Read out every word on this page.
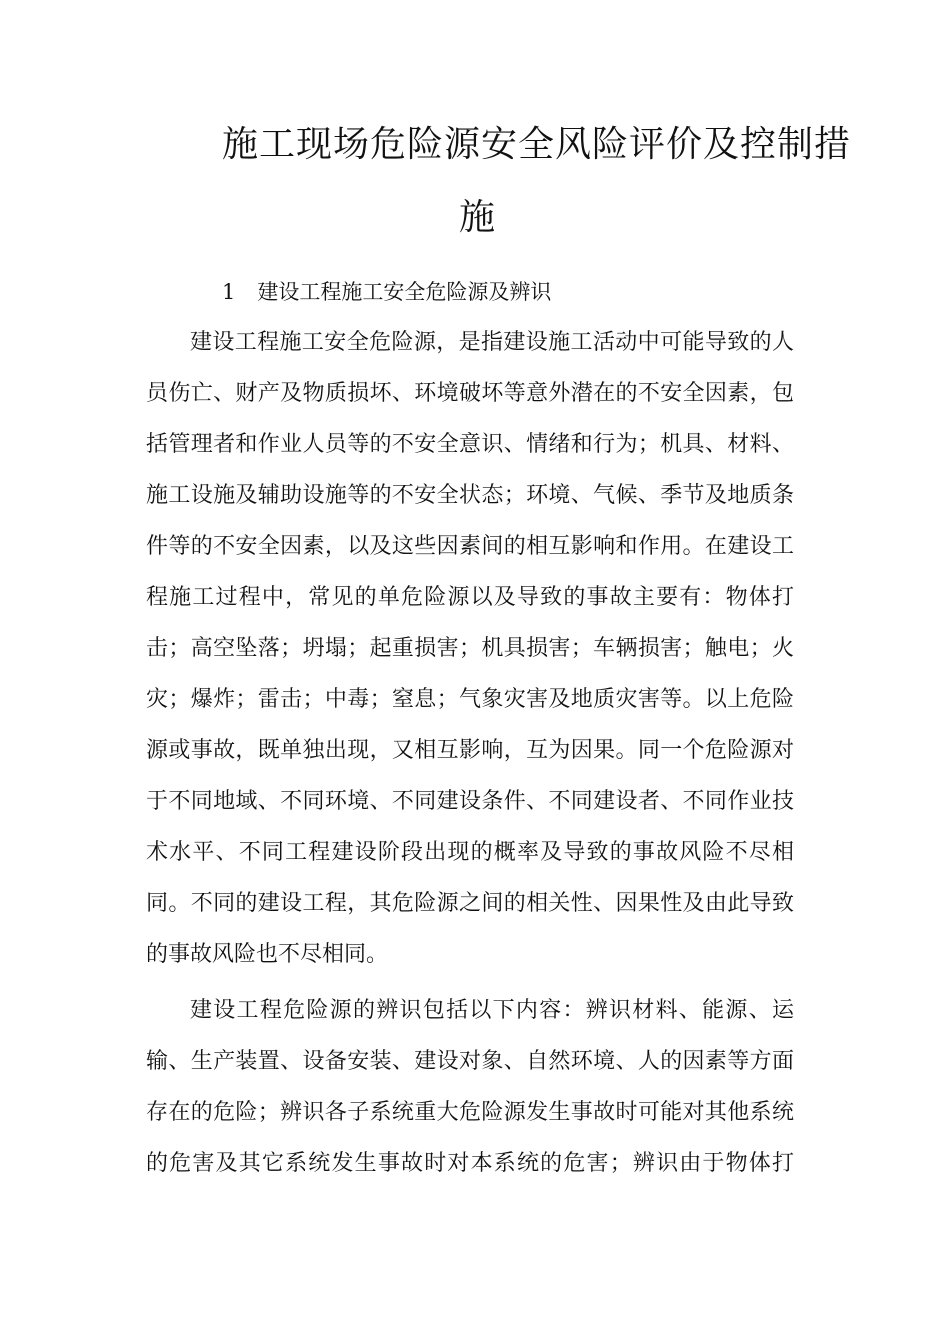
施工现场危险源安全风险评价及控制措
施
1 建设工程施工安全危险源及辨识
建设工程施工安全危险源，是指建设施工活动中可能导致的人
员伤亡、财产及物质损坏、环境破坏等意外潜在的不安全因素，包
括管理者和作业人员等的不安全意识、情绪和行为；机具、材料、
施工设施及辅助设施等的不安全状态；环境、气候、季节及地质条
件等的不安全因素，以及这些因素间的相互影响和作用。在建设工
程施工过程中，常见的单危险源以及导致的事故主要有：物体打
击；高空坠落；坍塌；起重损害；机具损害；车辆损害；触电；火
灾；爆炸；雷击；中毒；窒息；气象灾害及地质灾害等。以上危险
源或事故，既单独出现，又相互影响，互为因果。同一个危险源对
于不同地域、不同环境、不同建设条件、不同建设者、不同作业技
术水平、不同工程建设阶段出现的概率及导致的事故风险不尽相
同。不同的建设工程，其危险源之间的相关性、因果性及由此导致
的事故风险也不尽相同。
建设工程危险源的辨识包括以下内容：辨识材料、能源、运
输、生产装置、设备安装、建设对象、自然环境、人的因素等方面
存在的危险；辨识各子系统重大危险源发生事故时可能对其他系统
的危害及其它系统发生事故时对本系统的危害；辨识由于物体打
